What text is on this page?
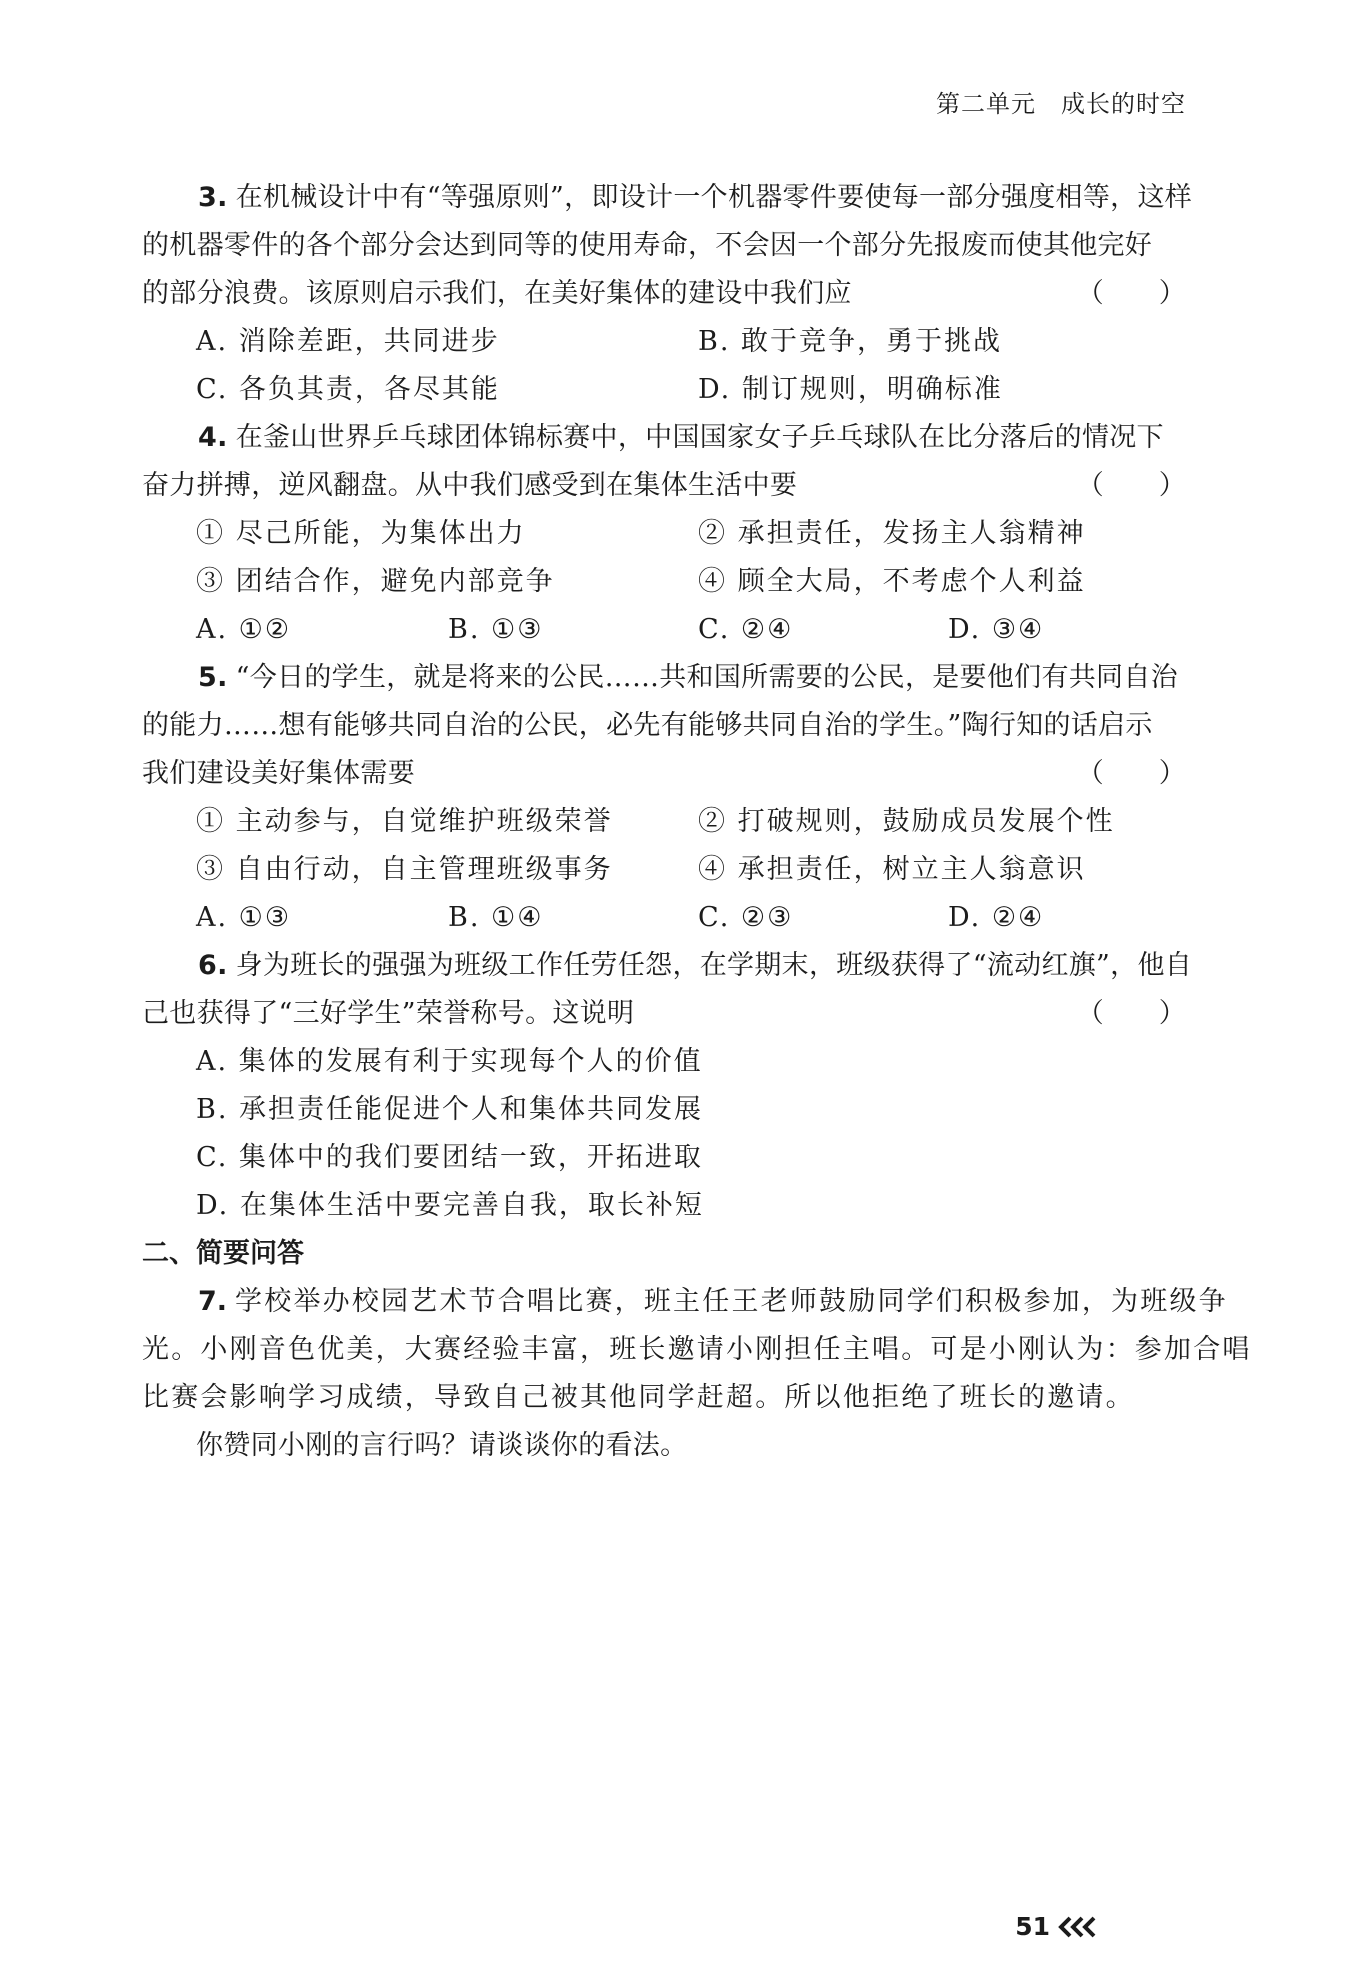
第二单元　成长的时空
3. 在机械设计中有“等强原则”，即设计一个机器零件要使每一部分强度相等，这样
的机器零件的各个部分会达到同等的使用寿命，不会因一个部分先报废而使其他完好
的部分浪费。该原则启示我们，在美好集体的建设中我们应	（　　）
A. 消除差距，共同进步	B. 敢于竞争，勇于挑战
C. 各负其责，各尽其能	D. 制订规则，明确标准
4. 在釜山世界乒乓球团体锦标赛中，中国国家女子乒乓球队在比分落后的情况下
奋力拼搏，逆风翻盘。从中我们感受到在集体生活中要	（　　）
① 尽己所能，为集体出力	② 承担责任，发扬主人翁精神
③ 团结合作，避免内部竞争	④ 顾全大局，不考虑个人利益
A. ①②	B. ①③	C. ②④	D. ③④
5. “今日的学生，就是将来的公民……共和国所需要的公民，是要他们有共同自治
的能力……想有能够共同自治的公民，必先有能够共同自治的学生。”陶行知的话启示
我们建设美好集体需要	（　　）
① 主动参与，自觉维护班级荣誉	② 打破规则，鼓励成员发展个性
③ 自由行动，自主管理班级事务	④ 承担责任，树立主人翁意识
A. ①③	B. ①④	C. ②③	D. ②④
6. 身为班长的强强为班级工作任劳任怨，在学期末，班级获得了“流动红旗”，他自
己也获得了“三好学生”荣誉称号。这说明	（　　）
A. 集体的发展有利于实现每个人的价值
B. 承担责任能促进个人和集体共同发展
C. 集体中的我们要团结一致，开拓进取
D. 在集体生活中要完善自我，取长补短
二、简要问答
7. 学校举办校园艺术节合唱比赛，班主任王老师鼓励同学们积极参加，为班级争
光。小刚音色优美，大赛经验丰富，班长邀请小刚担任主唱。可是小刚认为：参加合唱
比赛会影响学习成绩，导致自己被其他同学赶超。所以他拒绝了班长的邀请。
你赞同小刚的言行吗？请谈谈你的看法。
51
